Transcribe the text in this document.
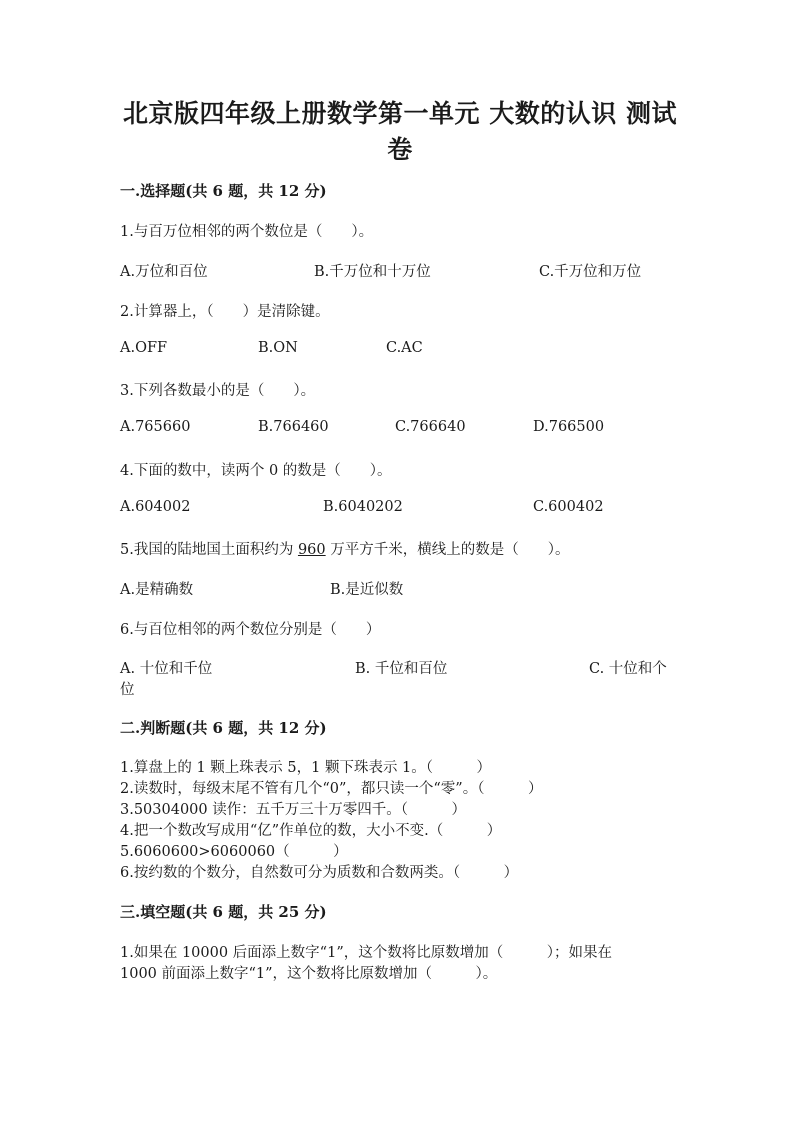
北京版四年级上册数学第一单元 大数的认识 测试
卷
一.选择题(共 6 题，共 12 分)
1.与百万位相邻的两个数位是（　　）。
A.万位和百位	B.千万位和十万位	C.千万位和万位
2.计算器上，（　　）是清除键。
A.OFF	B.ON	C.AC
3.下列各数最小的是（　　）。
A.765660	B.766460	C.766640	D.766500
4.下面的数中，读两个 0 的数是（　　）。
A.604002	B.6040202	C.600402
5.我国的陆地国土面积约为 960 万平方千米，横线上的数是（　　）。
A.是精确数	B.是近似数
6.与百位相邻的两个数位分别是（　　）
A. 十位和千位	B. 千位和百位	C. 十位和个
位
二.判断题(共 6 题，共 12 分)
1.算盘上的 1 颗上珠表示 5，1 颗下珠表示 1。（　　　）
2.读数时，每级末尾不管有几个“0”，都只读一个“零”。（　　　）
3.50304000 读作：五千万三十万零四千。（　　　）
4.把一个数改写成用“亿”作单位的数，大小不变.（　　　）
5.6060600>6060060（　　　）
6.按约数的个数分，自然数可分为质数和合数两类。（　　　）
三.填空题(共 6 题，共 25 分)
1.如果在 10000 后面添上数字“1”，这个数将比原数增加（　　　）；如果在
1000 前面添上数字“1”，这个数将比原数增加（　　　）。
